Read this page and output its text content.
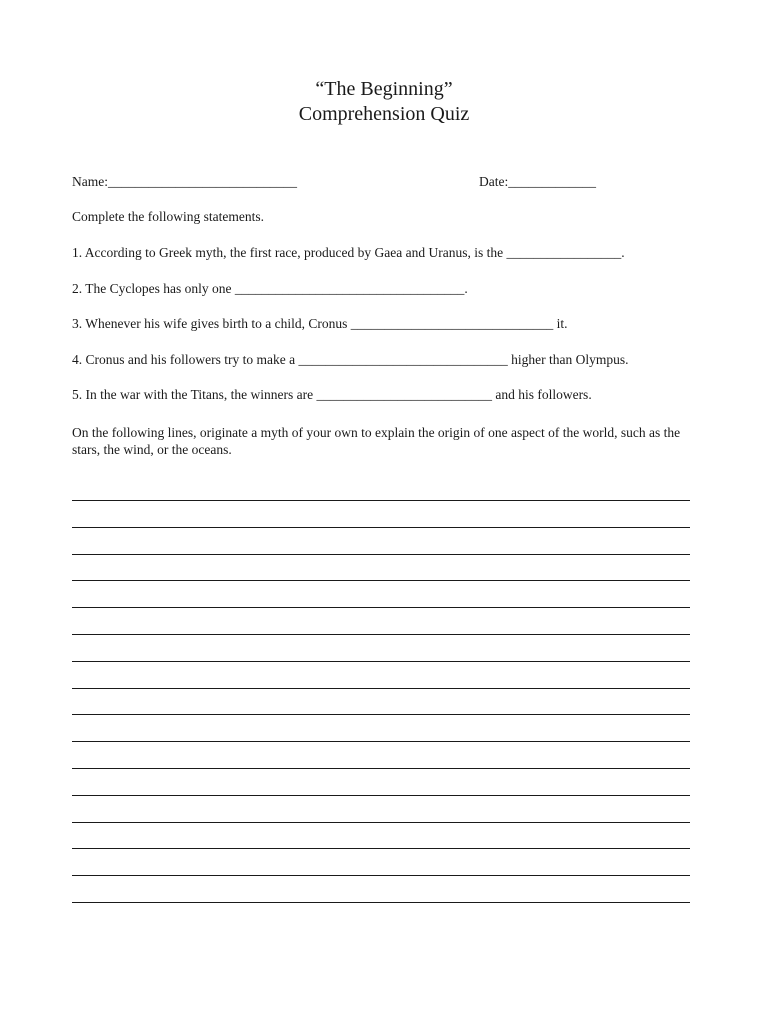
“The Beginning”
Comprehension Quiz
Name:____________________________	Date:_____________
Complete the following statements.
1. According to Greek myth, the first race, produced by Gaea and Uranus, is the _________________.
2. The Cyclopes has only one __________________________________.
3. Whenever his wife gives birth to a child, Cronus ______________________________ it.
4. Cronus and his followers try to make a _______________________________ higher than Olympus.
5. In the war with the Titans, the winners are __________________________ and his followers.
On the following lines, originate a myth of your own to explain the origin of one aspect of the world, such as the stars, the wind, or the oceans.
